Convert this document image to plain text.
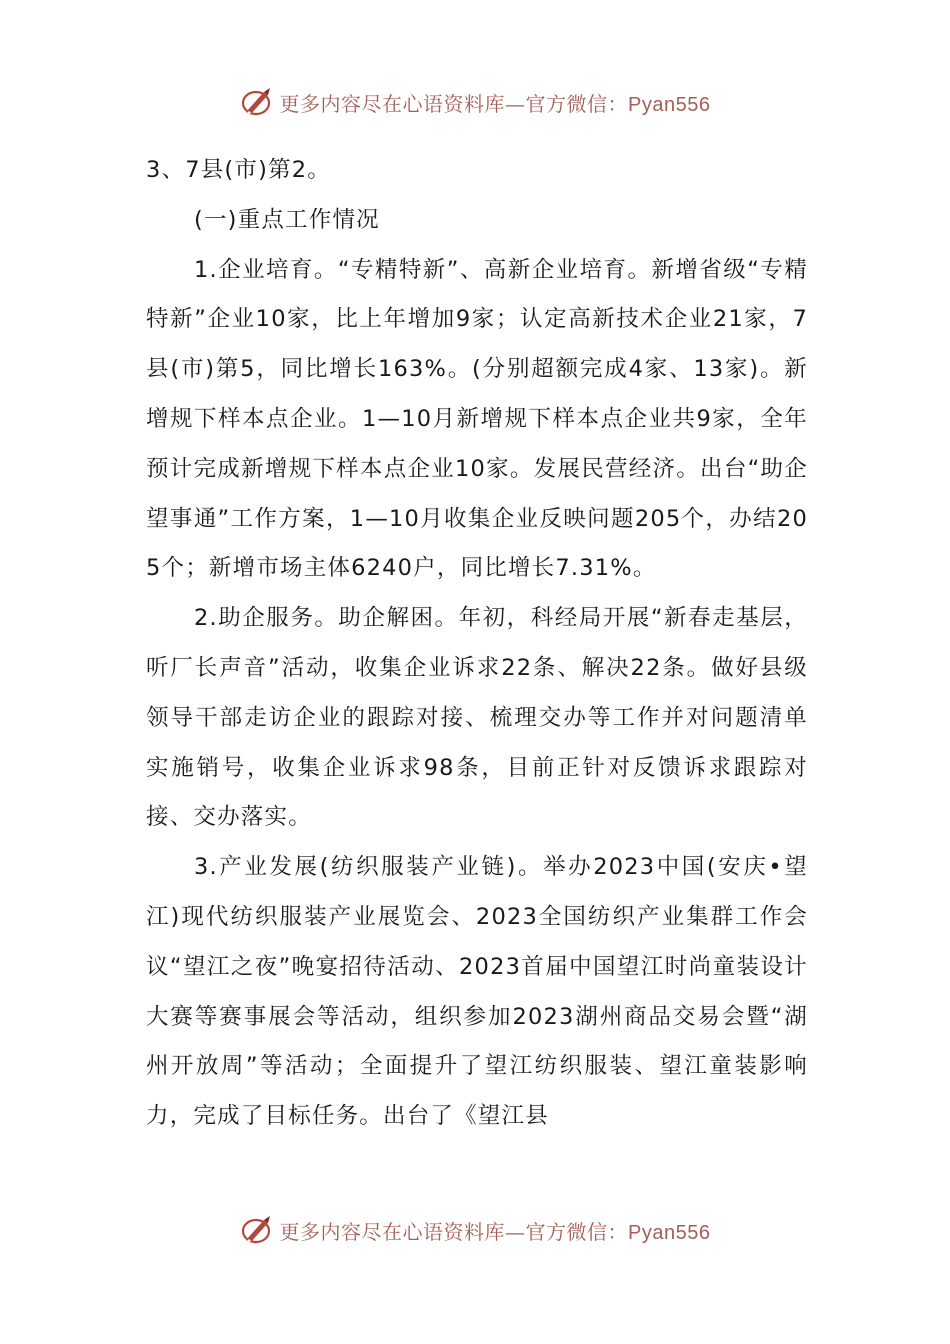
更多内容尽在心语资料库—官方微信：Pyan556

3、7县(市)第2。

(一)重点工作情况

1.企业培育。“专精特新”、高新企业培育。新增省级“专精特新”企业10家，比上年增加9家；认定高新技术企业21家，7县(市)第5，同比增长163%。(分别超额完成4家、13家)。新增规下样本点企业。1—10月新增规下样本点企业共9家，全年预计完成新增规下样本点企业10家。发展民营经济。出台“助企望事通”工作方案，1—10月收集企业反映问题205个，办结205个；新增市场主体6240户，同比增长7.31%。

2.助企服务。助企解困。年初，科经局开展“新春走基层，听厂长声音”活动，收集企业诉求22条、解决22条。做好县级领导干部走访企业的跟踪对接、梳理交办等工作并对问题清单实施销号，收集企业诉求98条，目前正针对反馈诉求跟踪对接、交办落实。

3.产业发展(纺织服装产业链)。举办2023中国(安庆•望江)现代纺织服装产业展览会、2023全国纺织产业集群工作会议“望江之夜”晚宴招待活动、2023首届中国望江时尚童装设计大赛等赛事展会等活动，组织参加2023湖州商品交易会暨“湖州开放周”等活动；全面提升了望江纺织服装、望江童装影响力，完成了目标任务。出台了《望江县

更多内容尽在心语资料库—官方微信：Pyan556
